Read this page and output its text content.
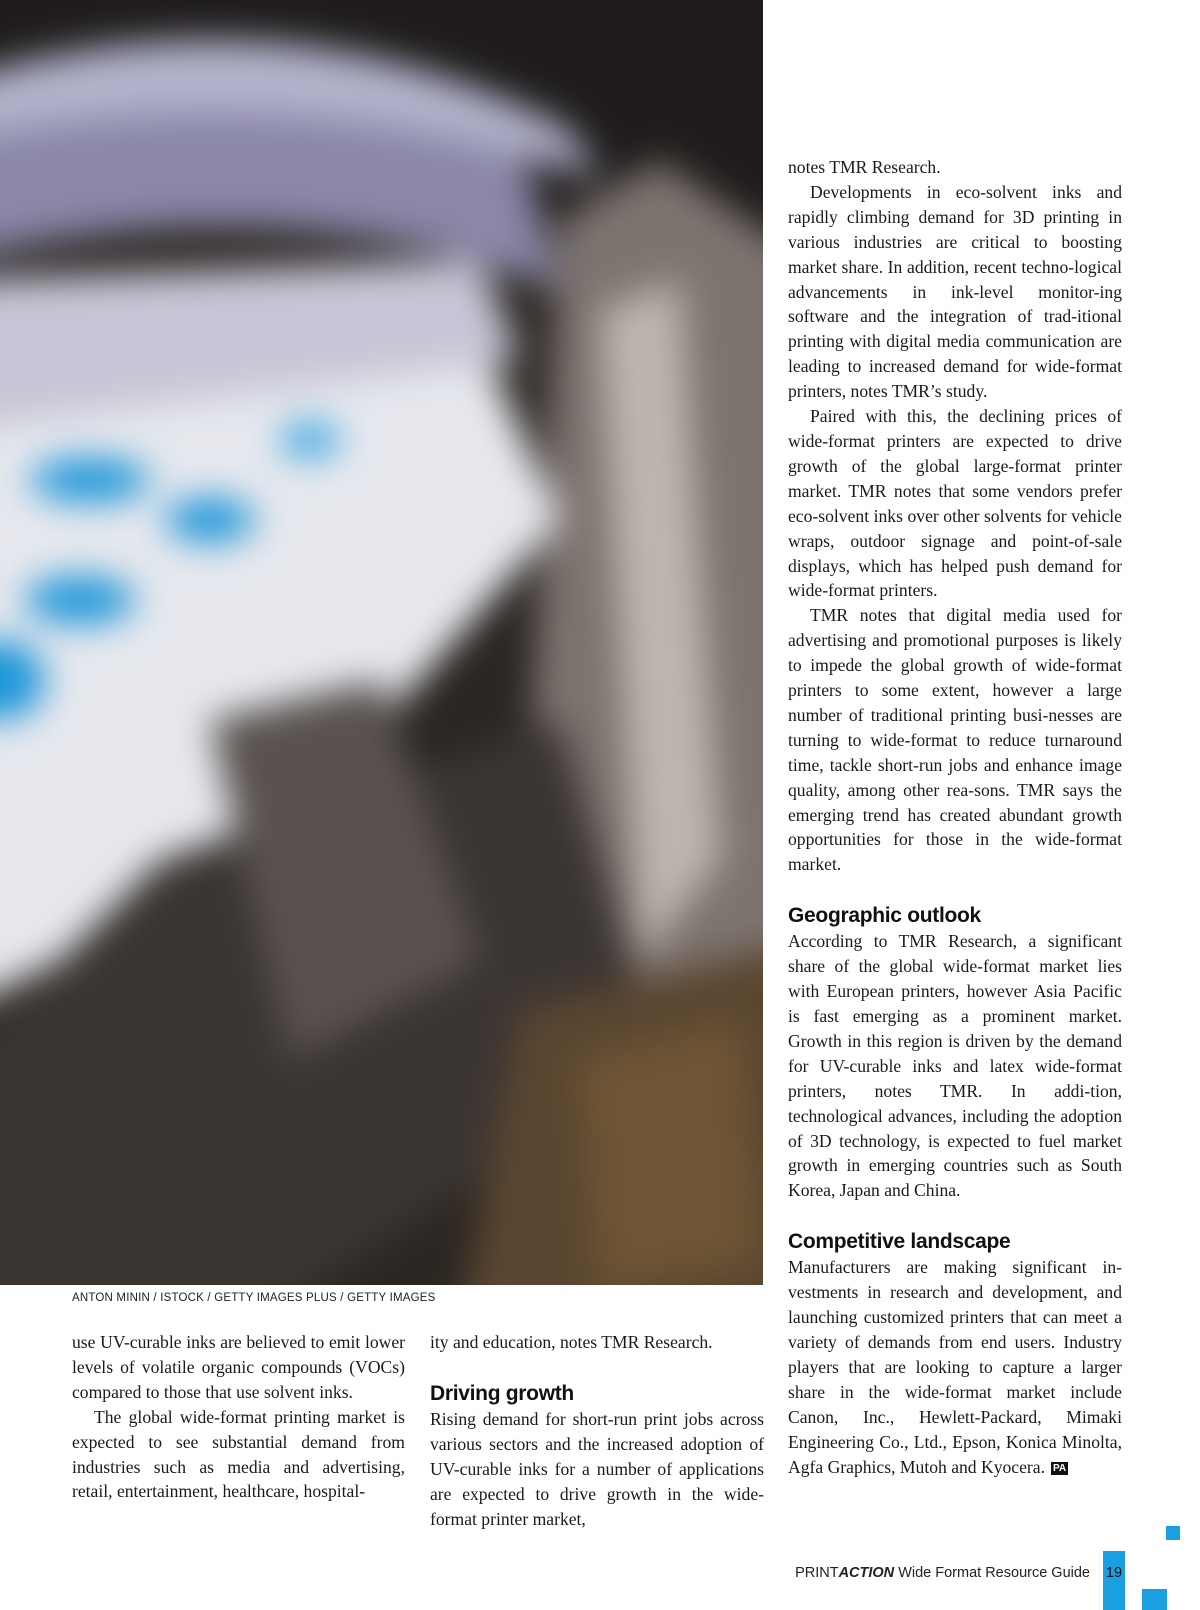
ANTON MININ / ISTOCK / GETTY IMAGES PLUS / GETTY IMAGES

use UV-curable inks are believed to emit lower levels of volatile organic compounds (VOCs) compared to those that use solvent inks.

The global wide-format printing market is expected to see substantial demand from industries such as media and advertising, retail, entertainment, healthcare, hospital-

ity and education, notes TMR Research.

Driving growth

Rising demand for short-run print jobs across various sectors and the increased adoption of UV-curable inks for a number of applications are expected to drive growth in the wide-format printer market,

notes TMR Research.

Developments in eco-solvent inks and rapidly climbing demand for 3D printing in various industries are critical to boosting market share. In addition, recent techno-logical advancements in ink-level monitor-ing software and the integration of trad-itional printing with digital media communication are leading to increased demand for wide-format printers, notes TMR’s study.

Paired with this, the declining prices of wide-format printers are expected to drive growth of the global large-format printer market. TMR notes that some vendors prefer eco-solvent inks over other solvents for vehicle wraps, outdoor signage and point-of-sale displays, which has helped push demand for wide-format printers.

TMR notes that digital media used for advertising and promotional purposes is likely to impede the global growth of wide-format printers to some extent, however a large number of traditional printing busi-nesses are turning to wide-format to reduce turnaround time, tackle short-run jobs and enhance image quality, among other rea-sons. TMR says the emerging trend has created abundant growth opportunities for those in the wide-format market.

Geographic outlook

According to TMR Research, a significant share of the global wide-format market lies with European printers, however Asia Pacific is fast emerging as a prominent market. Growth in this region is driven by the demand for UV-curable inks and latex wide-format printers, notes TMR. In addi-tion, technological advances, including the adoption of 3D technology, is expected to fuel market growth in emerging countries such as South Korea, Japan and China.

Competitive landscape

Manufacturers are making significant in-vestments in research and development, and launching customized printers that can meet a variety of demands from end users. Industry players that are looking to capture a larger share in the wide-format market include Canon, Inc., Hewlett-Packard, Mimaki Engineering Co., Ltd., Epson, Konica Minolta, Agfa Graphics, Mutoh and Kyocera. PA

PRINTACTION Wide Format Resource Guide 19
